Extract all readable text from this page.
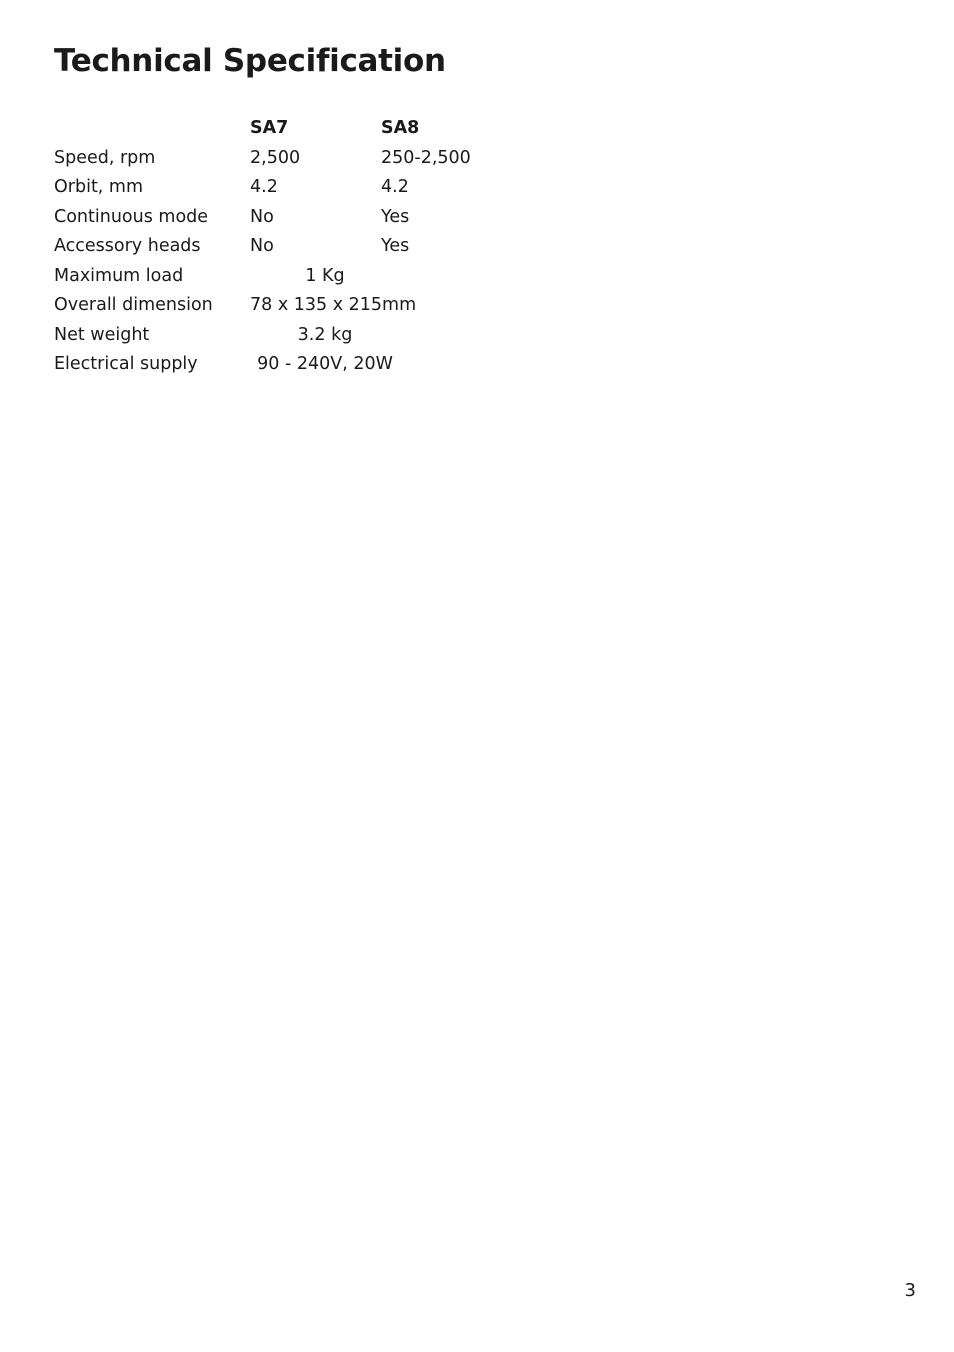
Technical Specification
SA7	SA8
Speed, rpm	2,500	250-2,500
Orbit, mm	4.2	4.2
Continuous mode No	Yes
Accessory heads	No	Yes
Maximum load	1 Kg
Overall dimension 78 x 135 x 215mm
Net weight	3.2 kg
Electrical supply	90 - 240V, 20W
3
